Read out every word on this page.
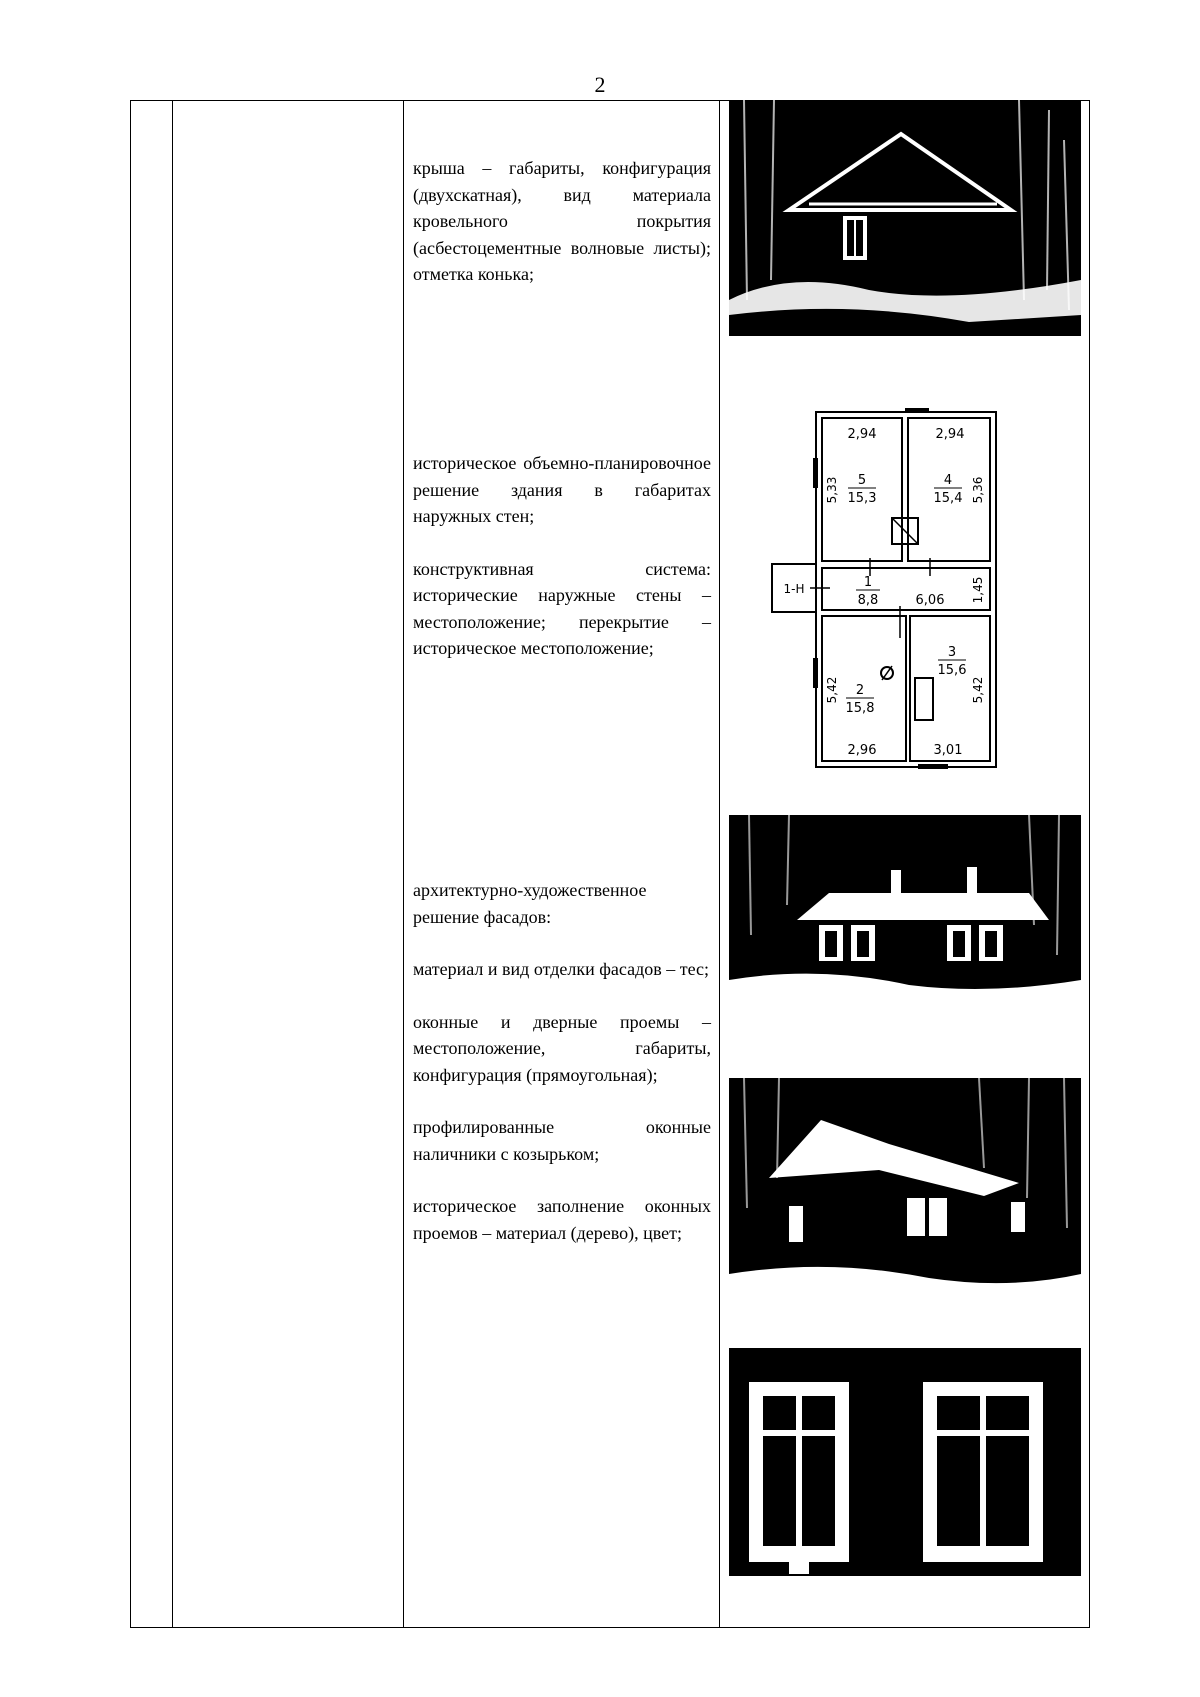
2

крыша – габариты, конфигурация (двухскатная), вид материала кровельного покрытия (асбестоцементные волновые листы); отметка конька;

историческое объемно-планировочное решение здания в габаритах наружных стен;

конструктивная система: исторические наружные стены – местоположение; перекрытие – историческое местоположение;

архитектурно-художественное решение фасадов:

материал и вид отделки фасадов – тес;

оконные и дверные проемы – местоположение, габариты, конфигурация (прямоугольная);

профилированные оконные наличники с козырьком;

историческое заполнение оконных проемов – материал (дерево), цвет;

2,94	2,94
5
15,3
4
15,4
1
8,8	6,06
2
15,8
3
15,6
2,96	3,01
1-Н
5,33	5,36
1,45
5,42	5,42
